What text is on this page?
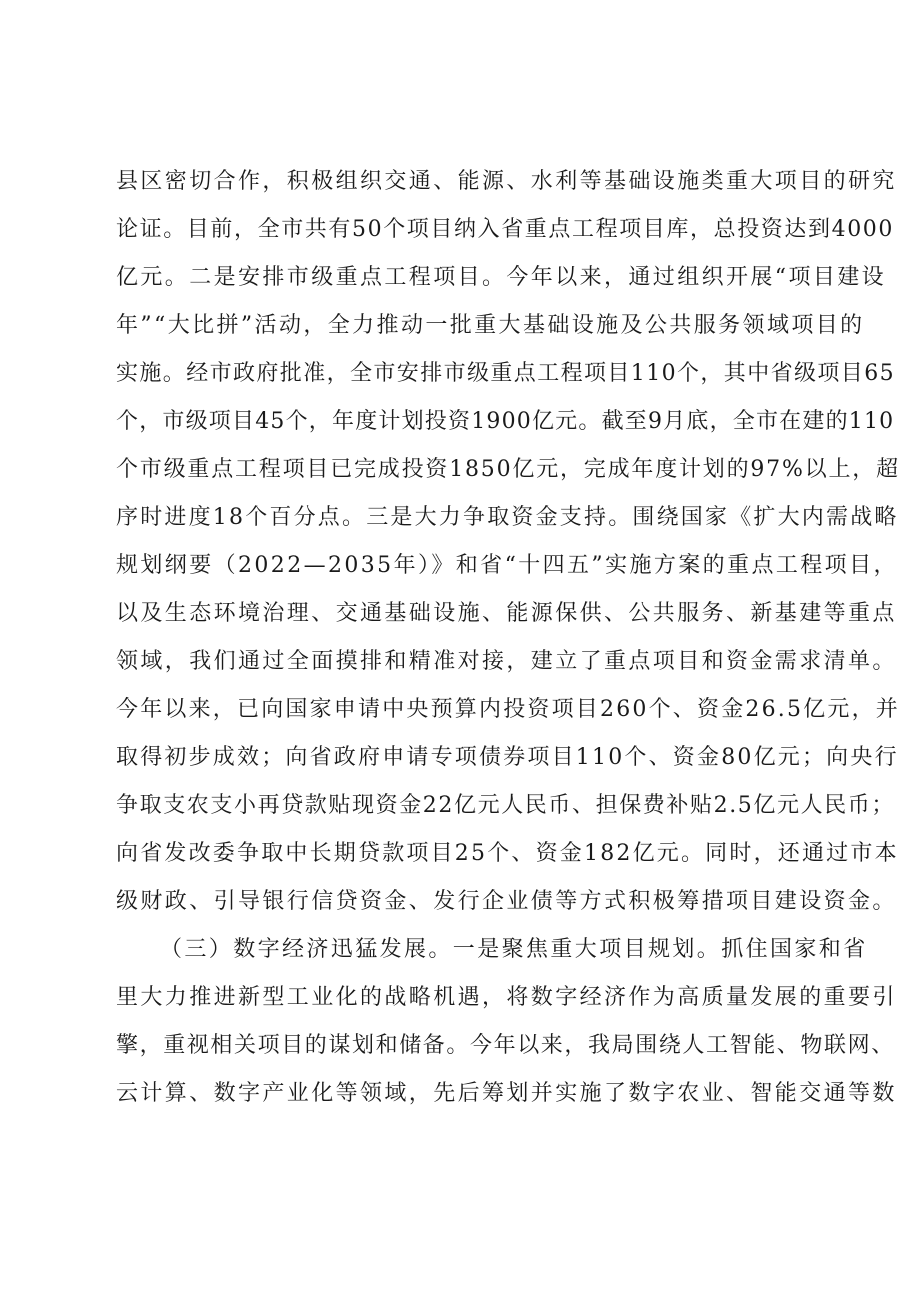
县区密切合作，积极组织交通、能源、水利等基础设施类重大项目的研究
论证。目前，全市共有50个项目纳入省重点工程项目库，总投资达到4000
亿元。二是安排市级重点工程项目。今年以来，通过组织开展“项目建设
年”“大比拼”活动，全力推动一批重大基础设施及公共服务领域项目的
实施。经市政府批准，全市安排市级重点工程项目110个，其中省级项目65
个，市级项目45个，年度计划投资1900亿元。截至9月底，全市在建的110
个市级重点工程项目已完成投资1850亿元，完成年度计划的97%以上，超
序时进度18个百分点。三是大力争取资金支持。围绕国家《扩大内需战略
规划纲要（2022—2035年）》和省“十四五”实施方案的重点工程项目，
以及生态环境治理、交通基础设施、能源保供、公共服务、新基建等重点
领域，我们通过全面摸排和精准对接，建立了重点项目和资金需求清单。
今年以来，已向国家申请中央预算内投资项目260个、资金26.5亿元，并
取得初步成效；向省政府申请专项债券项目110个、资金80亿元；向央行
争取支农支小再贷款贴现资金22亿元人民币、担保费补贴2.5亿元人民币；
向省发改委争取中长期贷款项目25个、资金182亿元。同时，还通过市本
级财政、引导银行信贷资金、发行企业债等方式积极筹措项目建设资金。
（三）数字经济迅猛发展。一是聚焦重大项目规划。抓住国家和省
里大力推进新型工业化的战略机遇，将数字经济作为高质量发展的重要引
擎，重视相关项目的谋划和储备。今年以来，我局围绕人工智能、物联网、
云计算、数字产业化等领域，先后筹划并实施了数字农业、智能交通等数
